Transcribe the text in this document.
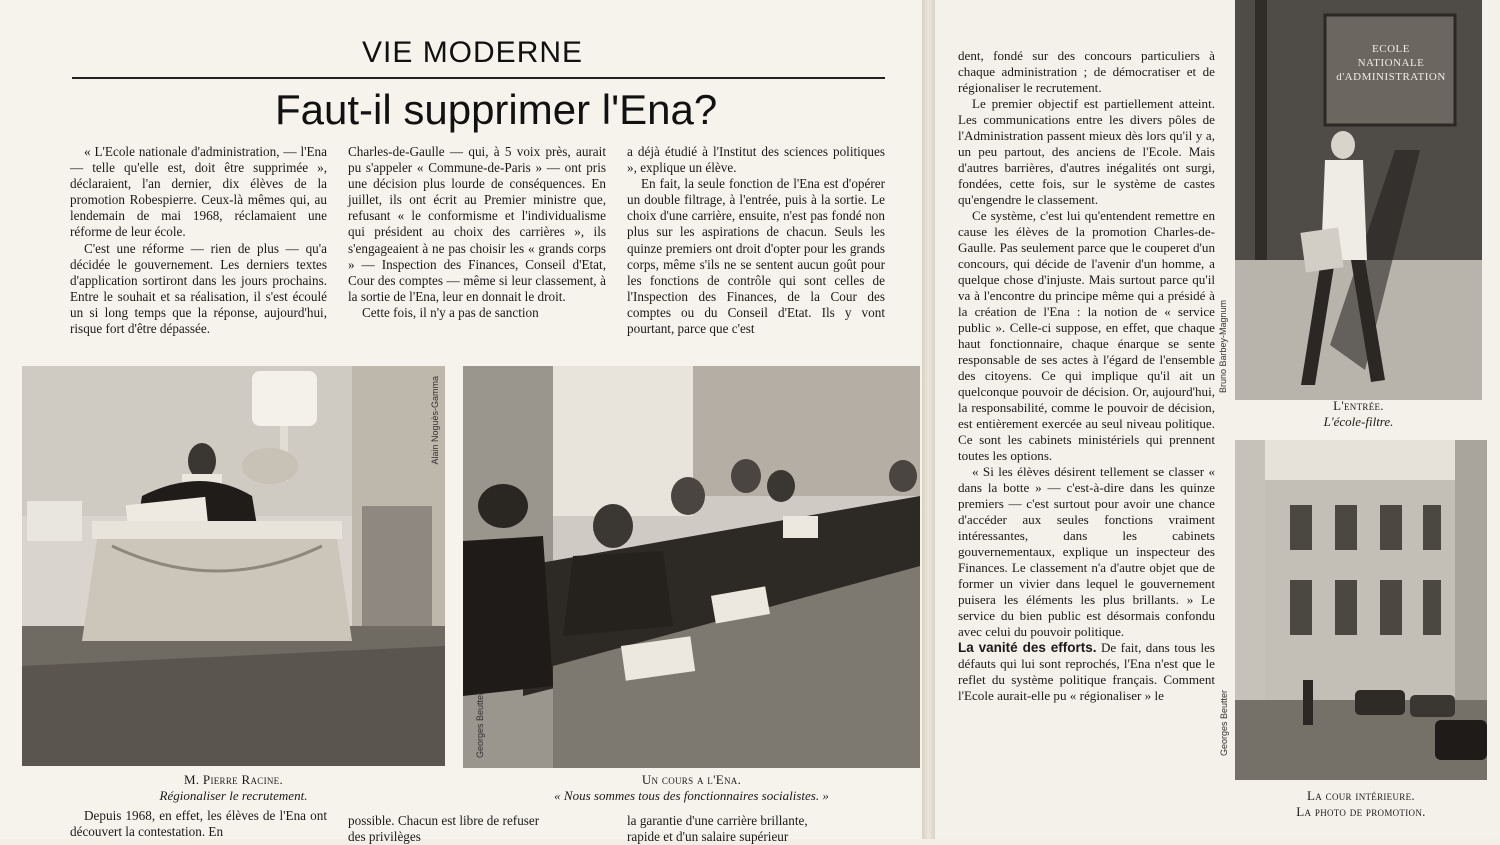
VIE MODERNE
Faut-il supprimer l'Ena?

« L'Ecole nationale d'administration, — l'Ena — telle qu'elle est, doit être supprimée », déclaraient, l'an dernier, dix élèves de la promotion Robespierre. Ceux-là mêmes qui, au lendemain de mai 1968, réclamaient une réforme de leur école.

C'est une réforme — rien de plus — qu'a décidée le gouvernement. Les derniers textes d'application sortiront dans les jours prochains. Entre le souhait et sa réalisation, il s'est écoulé un si long temps que la réponse, aujourd'hui, risque fort d'être dépassée.

Charles-de-Gaulle — qui, à 5 voix près, aurait pu s'appeler « Commune-de-Paris » — ont pris une décision plus lourde de conséquences. En juillet, ils ont écrit au Premier ministre que, refusant « le conformisme et l'individualisme qui président au choix des carrières », ils s'engageaient à ne pas choisir les « grands corps » — Inspection des Finances, Conseil d'Etat, Cour des comptes — même si leur classement, à la sortie de l'Ena, leur en donnait le droit.

Cette fois, il n'y a pas de sanction

a déjà étudié à l'Institut des sciences politiques », explique un élève.

En fait, la seule fonction de l'Ena est d'opérer un double filtrage, à l'entrée, puis à la sortie. Le choix d'une carrière, ensuite, n'est pas fondé non plus sur les aspirations de chacun. Seuls les quinze premiers ont droit d'opter pour les grands corps, même s'ils ne se sentent aucun goût pour les fonctions de contrôle qui sont celles de l'Inspection des Finances, de la Cour des comptes ou du Conseil d'Etat. Ils y vont pourtant, parce que c'est

Alain Noguès-Gamma
M. Pierre Racine.
Régionaliser le recrutement.
Georges Beutter
Un cours a l'Ena.
« Nous sommes tous des fonctionnaires socialistes. »

Depuis 1968, en effet, les élèves de l'Ena ont découvert la contestation. En

possible. Chacun est libre de refuser

des privilèges

la garantie d'une carrière brillante,

rapide et d'un salaire supérieur

dent, fondé sur des concours particuliers à chaque administration ; de démocratiser et de régionaliser le recrutement.

Le premier objectif est partiellement atteint. Les communications entre les divers pôles de l'Administration passent mieux dès lors qu'il y a, un peu partout, des anciens de l'Ecole. Mais d'autres barrières, d'autres inégalités ont surgi, fondées, cette fois, sur le système de castes qu'engendre le classement.

Ce système, c'est lui qu'entendent remettre en cause les élèves de la promotion Charles-de-Gaulle. Pas seulement parce que le couperet d'un concours, qui décide de l'avenir d'un homme, a quelque chose d'injuste. Mais surtout parce qu'il va à l'encontre du principe même qui a présidé à la création de l'Ena : la notion de « service public ». Celle-ci suppose, en effet, que chaque haut fonctionnaire, chaque énarque se sente responsable de ses actes à l'égard de l'ensemble des citoyens. Ce qui implique qu'il ait un quelconque pouvoir de décision. Or, aujourd'hui, la responsabilité, comme le pouvoir de décision, est entièrement exercée au seul niveau politique. Ce sont les cabinets ministériels qui prennent toutes les options.

« Si les élèves désirent tellement se classer « dans la botte » — c'est-à-dire dans les quinze premiers — c'est surtout pour avoir une chance d'accéder aux seules fonctions vraiment intéressantes, dans les cabinets gouvernementaux, explique un inspecteur des Finances. Le classement n'a d'autre objet que de former un vivier dans lequel le gouvernement puisera les éléments les plus brillants. » Le service du bien public est désormais confondu avec celui du pouvoir politique.

La vanité des efforts. De fait, dans tous les défauts qui lui sont reprochés, l'Ena n'est que le reflet du système politique français. Comment l'Ecole aurait-elle pu « régionaliser » le

ECOLE
NATIONALE
d'ADMINISTRATION
Bruno Barbey-Magnum
L'entrée.
L'école-filtre.
Georges Beutter
La cour intérieure.
La photo de promotion.
